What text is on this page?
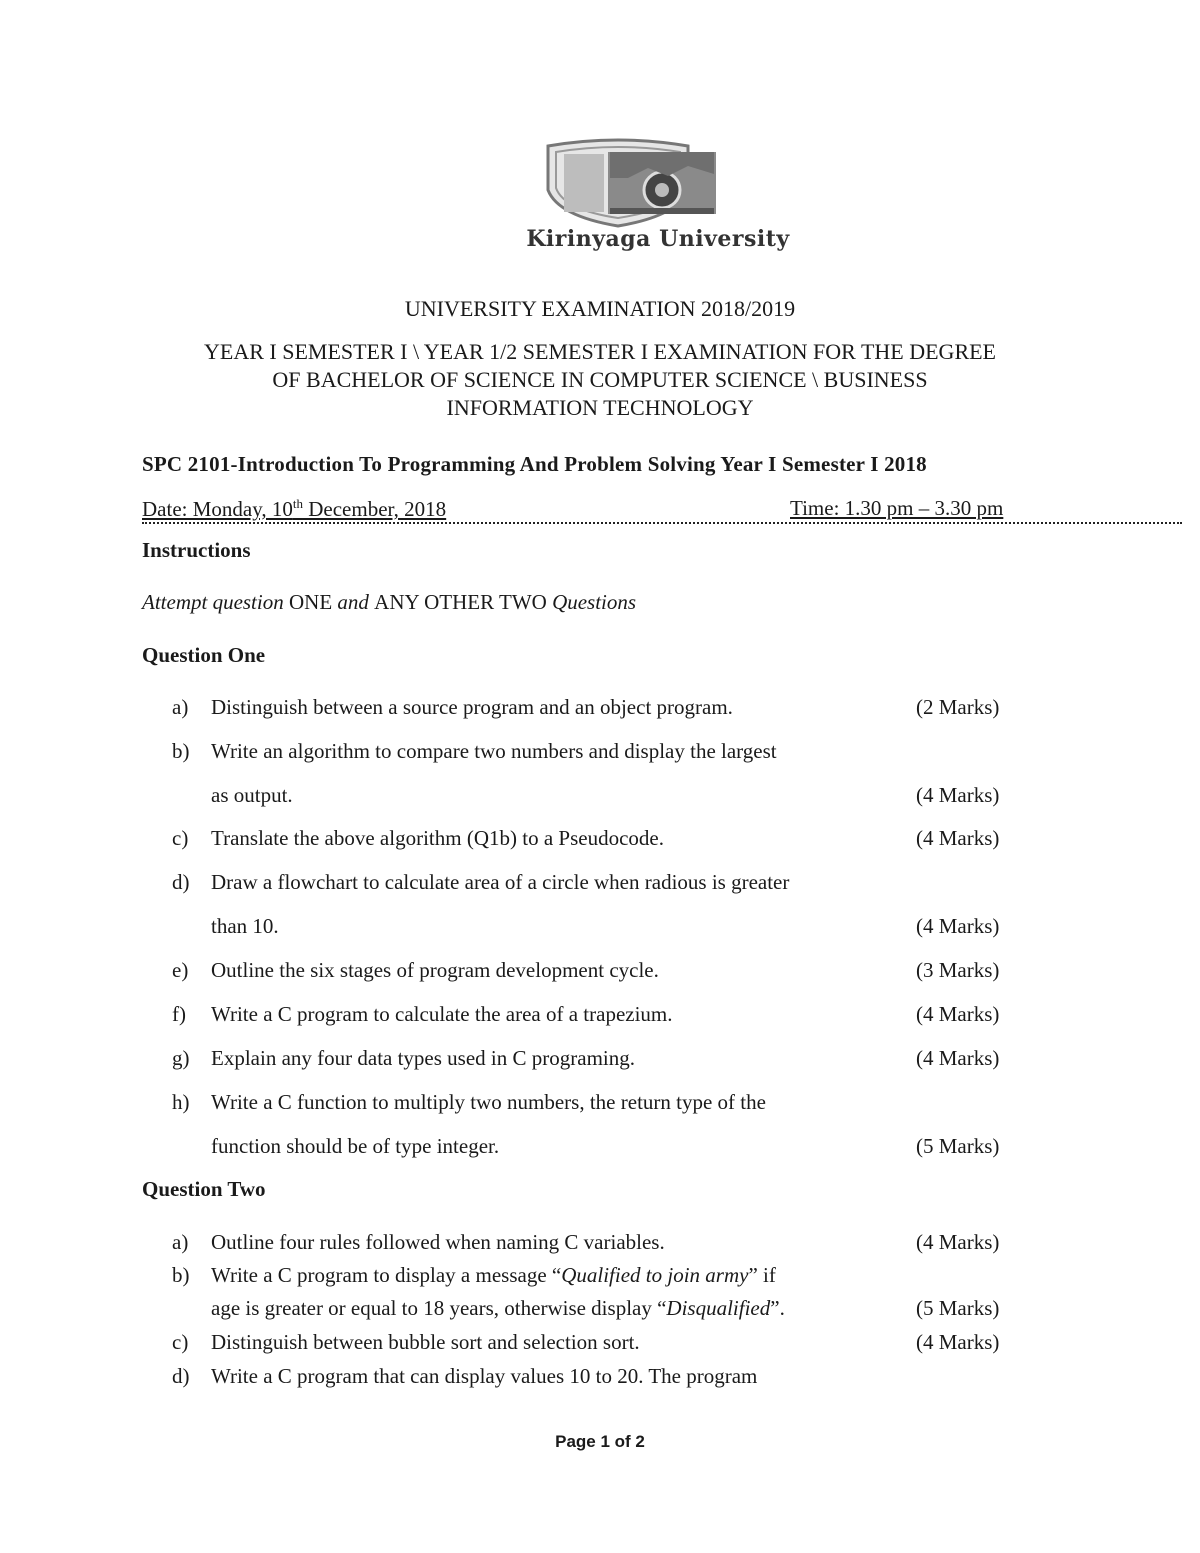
Kirinyaga University
UNIVERSITY EXAMINATION 2018/2019
YEAR I SEMESTER I \ YEAR 1/2 SEMESTER I EXAMINATION FOR THE DEGREE
OF BACHELOR OF SCIENCE IN COMPUTER SCIENCE \ BUSINESS
INFORMATION TECHNOLOGY
SPC 2101-Introduction To Programming And Problem Solving Year I Semester I 2018
Date: Monday, 10th December, 2018	Time: 1.30 pm – 3.30 pm
Instructions
Attempt question ONE and ANY OTHER TWO Questions
Question One
a) Distinguish between a source program and an object program.	(2 Marks)
b) Write an algorithm to compare two numbers and display the largest
as output.	(4 Marks)
c) Translate the above algorithm (Q1b) to a Pseudocode.	(4 Marks)
d) Draw a flowchart to calculate area of a circle when radious is greater
than 10.	(4 Marks)
e) Outline the six stages of program development cycle.	(3 Marks)
f) Write a C program to calculate the area of a trapezium.	(4 Marks)
g) Explain any four data types used in C programing.	(4 Marks)
h) Write a C function to multiply two numbers, the return type of the
function should be of type integer.	(5 Marks)
Question Two
a) Outline four rules followed when naming C variables.	(4 Marks)
b) Write a C program to display a message “Qualified to join army” if
age is greater or equal to 18 years, otherwise display “Disqualified”.	(5 Marks)
c) Distinguish between bubble sort and selection sort.	(4 Marks)
d) Write a C program that can display values 10 to 20. The program
Page 1 of 2
